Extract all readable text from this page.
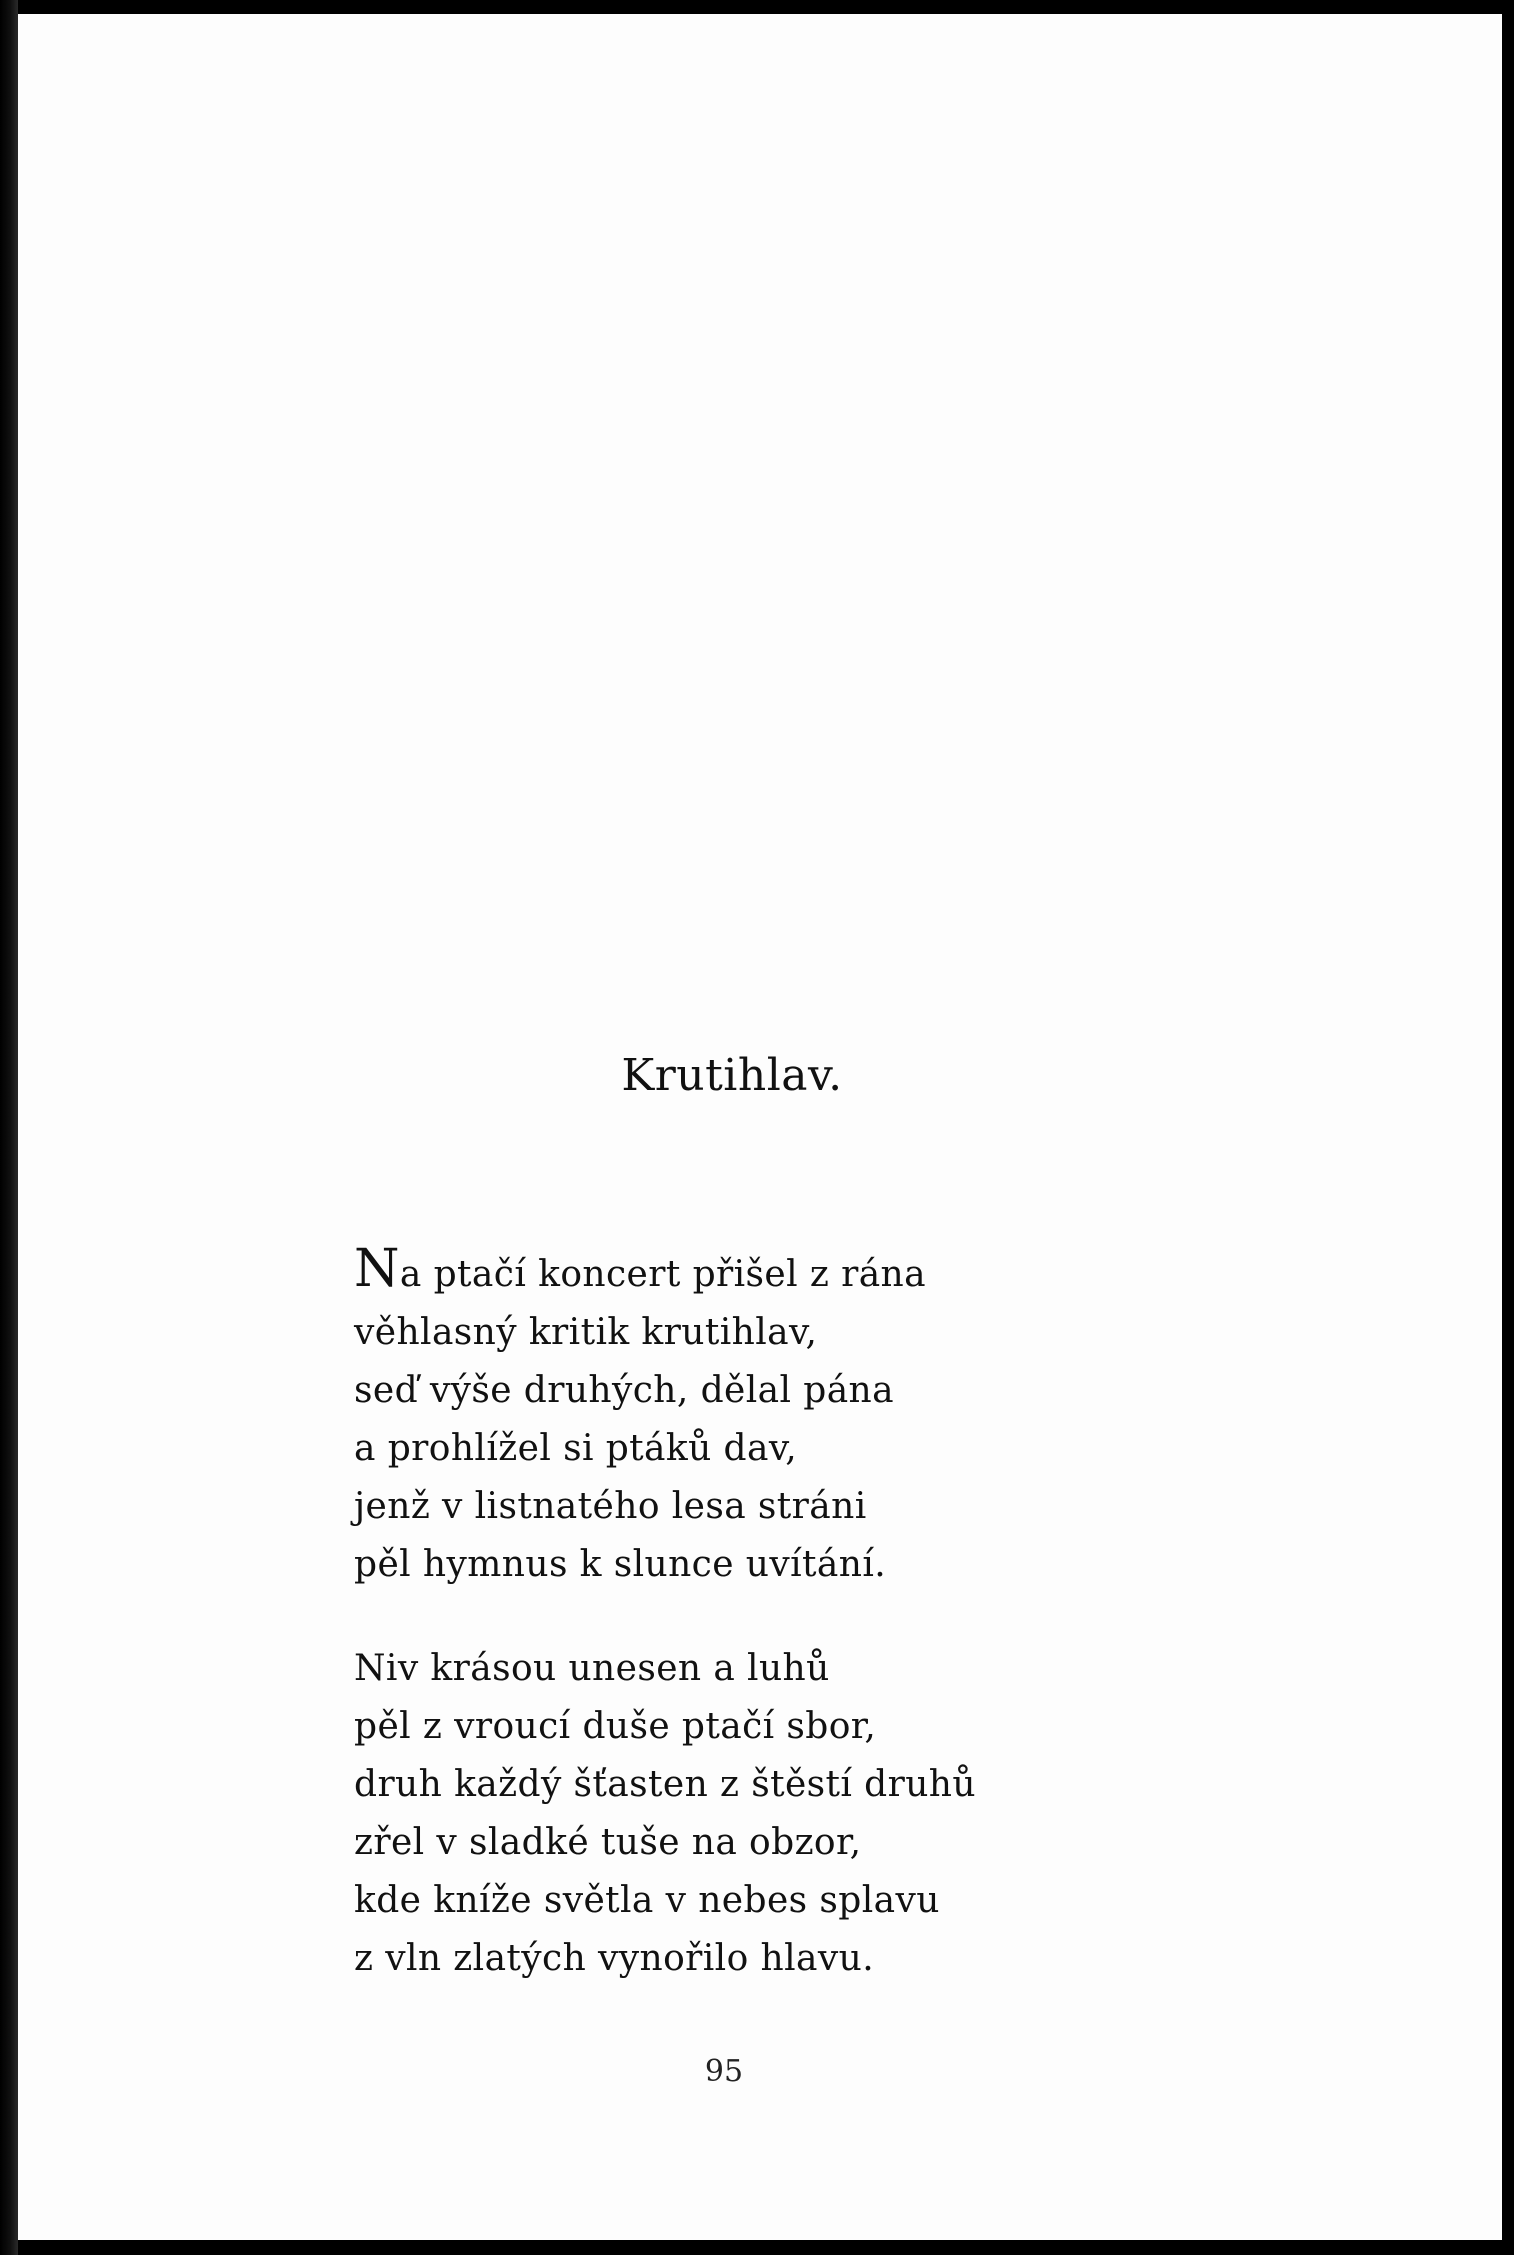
Krutihlav.
Na ptačí koncert přišel z rána
věhlasný kritik krutihlav,
seď výše druhých, dělal pána
a prohlížel si ptáků dav,
jenž v listnatého lesa stráni
pěl hymnus k slunce uvítání.
Niv krásou unesen a luhů
pěl z vroucí duše ptačí sbor,
druh každý šťasten z štěstí druhů
zřel v sladké tuše na obzor,
kde kníže světla v nebes splavu
z vln zlatých vynořilo hlavu.
95
